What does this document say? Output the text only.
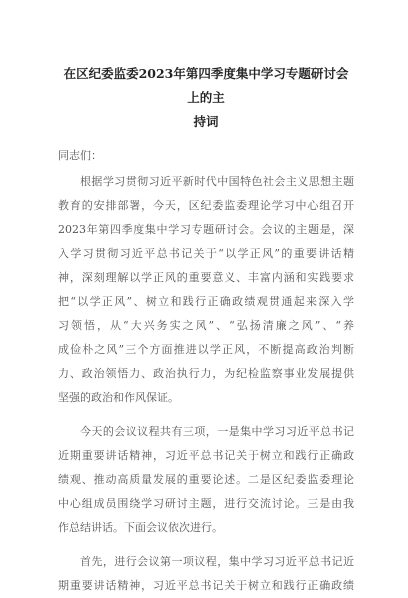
在区纪委监委2023年第四季度集中学习专题研讨会上的主
持词
同志们：
根据学习贯彻习近平新时代中国特色社会主义思想主题
教育的安排部署，今天，区纪委监委理论学习中心组召开
2023年第四季度集中学习专题研讨会。会议的主题是，深
入学习贯彻习近平总书记关于“以学正风”的重要讲话精
神，深刻理解以学正风的重要意义、丰富内涵和实践要求
把“以学正风”、树立和践行正确政绩观贯通起来深入学
习领悟，从“大兴务实之风”、“弘扬清廉之风”、“养
成俭朴之风”三个方面推进以学正风，不断提高政治判断
力、政治领悟力、政治执行力，为纪检监察事业发展提供
坚强的政治和作风保证。
今天的会议议程共有三项，一是集中学习习近平总书记
近期重要讲话精神，习近平总书记关于树立和践行正确政
绩观、推动高质量发展的重要论述。二是区纪委监委理论
中心组成员围绕学习研讨主题，进行交流讨论。三是由我
作总结讲话。下面会议依次进行。
首先，进行会议第一项议程，集中学习习近平总书记近
期重要讲话精神，习近平总书记关于树立和践行正确政绩
